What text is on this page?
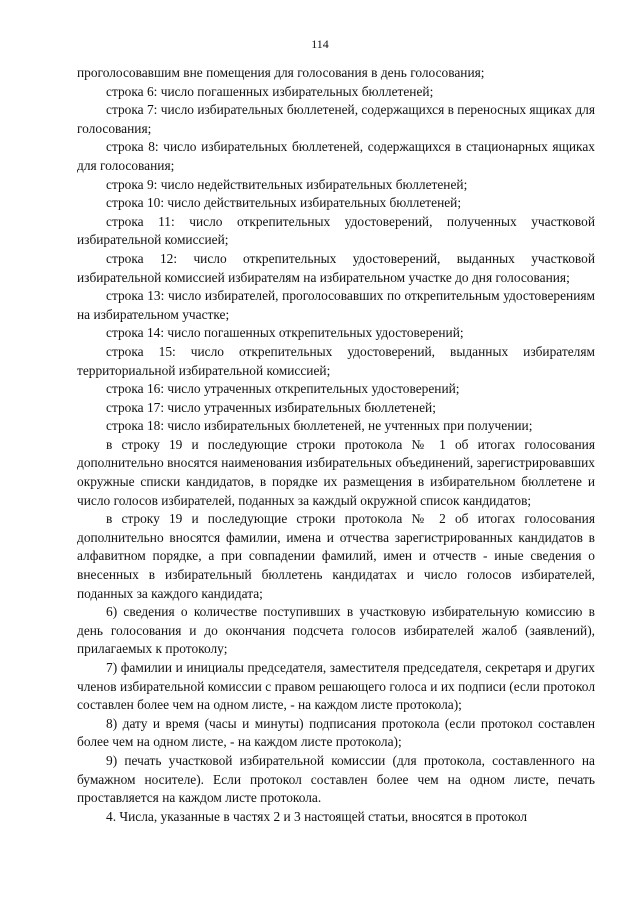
114

проголосовавшим вне помещения для голосования в день голосования;

строка 6: число погашенных избирательных бюллетеней;

строка 7: число избирательных бюллетеней, содержащихся в переносных ящиках для голосования;

строка 8: число избирательных бюллетеней, содержащихся в стационарных ящиках для голосования;

строка 9: число недействительных избирательных бюллетеней;

строка 10: число действительных избирательных бюллетеней;

строка 11: число открепительных удостоверений, полученных участковой избирательной комиссией;

строка 12: число открепительных удостоверений, выданных участковой избирательной комиссией избирателям на избирательном участке до дня голосования;

строка 13: число избирателей, проголосовавших по открепительным удостоверениям на избирательном участке;

строка 14: число погашенных открепительных удостоверений;

строка 15: число открепительных удостоверений, выданных избирателям территориальной избирательной комиссией;

строка 16: число утраченных открепительных удостоверений;

строка 17: число утраченных избирательных бюллетеней;

строка 18: число избирательных бюллетеней, не учтенных при получении;

в строку 19 и последующие строки протокола № 1 об итогах голосования дополнительно вносятся наименования избирательных объединений, зарегистрировавших окружные списки кандидатов, в порядке их размещения в избирательном бюллетене и число голосов избирателей, поданных за каждый окружной список кандидатов;

в строку 19 и последующие строки протокола № 2 об итогах голосования дополнительно вносятся фамилии, имена и отчества зарегистрированных кандидатов в алфавитном порядке, а при совпадении фамилий, имен и отчеств - иные сведения о внесенных в избирательный бюллетень кандидатах и число голосов избирателей, поданных за каждого кандидата;

6) сведения о количестве поступивших в участковую избирательную комиссию в день голосования и до окончания подсчета голосов избирателей жалоб (заявлений), прилагаемых к протоколу;

7) фамилии и инициалы председателя, заместителя председателя, секретаря и других членов избирательной комиссии с правом решающего голоса и их подписи (если протокол составлен более чем на одном листе, - на каждом листе протокола);

8) дату и время (часы и минуты) подписания протокола (если протокол составлен более чем на одном листе, - на каждом листе протокола);

9) печать участковой избирательной комиссии (для протокола, составленного на бумажном носителе). Если протокол составлен более чем на одном листе, печать проставляется на каждом листе протокола.

4. Числа, указанные в частях 2 и 3 настоящей статьи, вносятся в протокол
